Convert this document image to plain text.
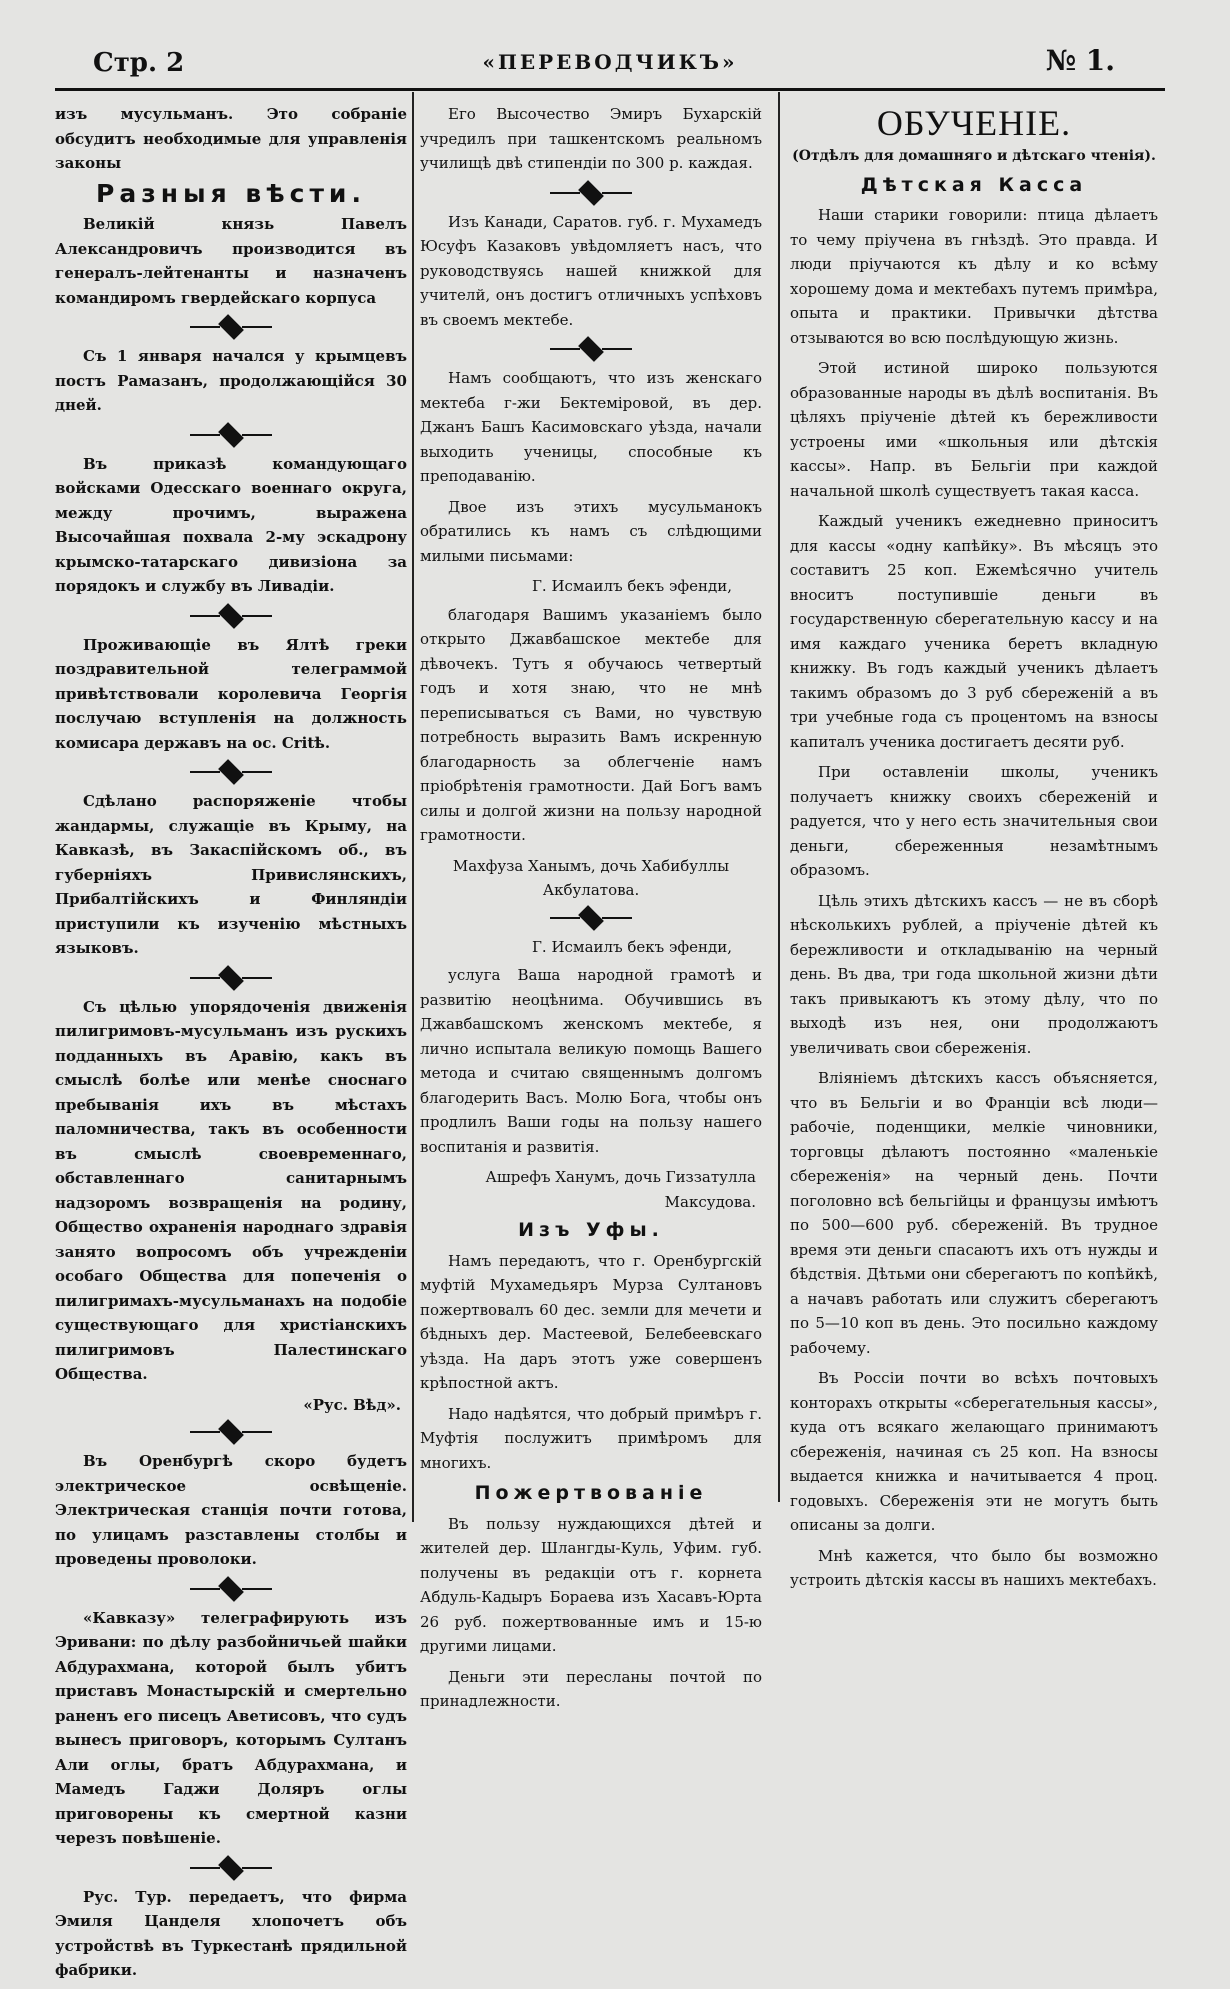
Стр. 2	«ПЕРЕВОДЧИКЪ»	№ 1.

изъ мусульманъ. Это собраніе обсудитъ необходимые для управленія законы

Разныя вѣсти.

Великій князь Павелъ Александровичъ производится въ генералъ-лейтенанты и назначенъ командиромъ гвердейскаго корпуса

Съ 1 января начался у крымцевъ постъ Рамазанъ, продолжающійся 30 дней.

Въ приказѣ командующаго войсками Одесскаго военнаго округа, между прочимъ, выражена Высочайшая похвала 2-му эскадрону крымско-татарскаго дивизіона за порядокъ и службу въ Ливадіи.

Проживающіе въ Ялтѣ греки поздравительной телеграммой привѣтствовали королевича Георгія послучаю вступленія на должность комисара державъ на ос. Critѣ.

Сдѣлано распоряженіе чтобы жандармы, служащіе въ Крыму, на Кавказѣ, въ Закаспійскомъ об., въ губерніяхъ Привислянскихъ, Прибалтійскихъ и Финляндіи приступили къ изученію мѣстныхъ языковъ.

Съ цѣлью упорядоченія движенія пилигримовъ-мусульманъ изъ рускихъ подданныхъ въ Аравію, какъ въ смыслѣ болѣе или менѣе сноснаго пребыванія ихъ въ мѣстахъ паломничества, такъ въ особенности въ смыслѣ своевременнаго, обставленнаго санитарнымъ надзоромъ возвращенія на родину, Общество охраненія народнаго здравія занято вопросомъ объ учрежденіи особаго Общества для попеченія о пилигримахъ-мусульманахъ на подобіе существующаго для христіанскихъ пилигримовъ Палестинскаго Общества.

«Рус. Вѣд».

Въ Оренбургѣ скоро будетъ электрическое освѣщеніе. Электрическая станція почти готова, по улицамъ разставлены столбы и проведены проволоки.

«Кавказу» телеграфирують изъ Эривани: по дѣлу разбойничьей шайки Абдурахмана, которой былъ убитъ приставъ Монастырскій и смертельно раненъ его писецъ Аветисовъ, что судъ вынесъ приговоръ, которымъ Султанъ Али оглы, братъ Абдурахмана, и Мамедъ Гаджи Доляръ оглы приговорены къ смертной казни черезъ повѣшеніе.

Рус. Тур. передаетъ, что фирма Эмиля Цанделя хлопочетъ объ устройствѣ въ Туркестанѣ прядильной фабрики.

Его Высочество Эмиръ Бухарскій учредилъ при ташкентскомъ реальномъ училищѣ двѣ стипендіи по 300 р. каждая.

Изъ Канади, Саратов. губ. г. Мухамедъ Юсуфъ Казаковъ увѣдомляетъ насъ, что руководствуясь нашей книжкой для учителй, онъ достигъ отличныхъ успѣховъ въ своемъ мектебе.

Намъ сообщаютъ, что изъ женскаго мектеба г-жи Бектеміровой, въ дер. Джанъ Башъ Касимовскаго уѣзда, начали выходить ученицы, способные къ преподаванію.

Двое изъ этихъ мусульманокъ обратились къ намъ съ слѣдющими милыми письмами:

Г. Исмаилъ бекъ эфенди,

благодаря Вашимъ указаніемъ было открыто Джавбашское мектебе для дѣвочекъ. Тутъ я обучаюсь четвертый годъ и хотя знаю, что не мнѣ переписываться съ Вами, но чувствую потребность выразить Вамъ искренную благодарность за облегченіе намъ пріобрѣтенія грамотности. Дай Богъ вамъ силы и долгой жизни на пользу народной грамотности.

Махфуза Ханымъ, дочь Хабибуллы Акбулатова.
Г. Исмаилъ бекъ эфенди,

услуга Ваша народной грамотѣ и развитію неоцѣнима. Обучившись въ Джавбашскомъ женскомъ мектебе, я лично испытала великую помощь Вашего метода и считаю священнымъ долгомъ благодерить Васъ. Молю Бога, чтобы онъ продлилъ Ваши годы на пользу нашего воспитанія и развитія.

Ашрефъ Ханумъ, дочь Гиззатулла Максудова.
Изъ Уфы.

Намъ передаютъ, что г. Оренбургскій муфтій Мухамедьяръ Мурза Султановъ пожертвовалъ 60 дес. земли для мечети и бѣдныхъ дер. Мастеевой, Белебеевскаго уѣзда. На даръ этотъ уже совершенъ крѣпостной актъ.

Надо надѣятся, что добрый примѣръ г. Муфтія послужитъ примѣромъ для многихъ.

Пожертвованіе

Въ пользу нуждающихся дѣтей и жителей дер. Шлангды-Куль, Уфим. губ. получены въ редакціи отъ г. корнета Абдуль-Кадыръ Бораева изъ Хасавъ-Юрта 26 руб. пожертвованные имъ и 15-ю другими лицами.

Деньги эти пересланы почтой по принадлежности.

ОБУЧЕНІЕ.
(Отдѣлъ для домашняго и дѣтскаго чтенія).
Дѣтская Касса

Наши старики говорили: птица дѣлаетъ то чему пріучена въ гнѣздѣ. Это правда. И люди пріучаются къ дѣлу и ко всѣму хорошему дома и мектебахъ путемъ примѣра, опыта и практики. Привычки дѣтства отзываются во всю послѣдующую жизнь.

Этой истиной широко пользуются образованные народы въ дѣлѣ воспитанія. Въ цѣляхъ пріученіе дѣтей къ бережливости устроены ими «школьныя или дѣтскія кассы». Напр. въ Бельгіи при каждой начальной школѣ существуетъ такая касса.

Каждый ученикъ ежедневно приноситъ для кассы «одну капѣйку». Въ мѣсяцъ это составитъ 25 коп. Ежемѣсячно учитель вноситъ поступившіе деньги въ государственную сберегательную кассу и на имя каждаго ученика беретъ вкладную книжку. Въ годъ каждый ученикъ дѣлаетъ такимъ образомъ до 3 руб сбереженій а въ три учебные года съ процентомъ на взносы капиталъ ученика достигаетъ десяти руб.

При оставленіи школы, ученикъ получаетъ книжку своихъ сбереженій и радуется, что у него есть значительныя свои деньги, сбереженныя незамѣтнымъ образомъ.

Цѣль этихъ дѣтскихъ кассъ — не въ сборѣ нѣсколькихъ рублей, а пріученіе дѣтей къ бережливости и откладыванію на черный день. Въ два, три года школьной жизни дѣти такъ привыкаютъ къ этому дѣлу, что по выходѣ изъ нея, они продолжаютъ увеличивать свои сбереженія.

Вліяніемъ дѣтскихъ кассъ объясняется, что въ Бельгіи и во Франціи всѣ люди—рабочіе, поденщики, мелкіе чиновники, торговцы дѣлаютъ постоянно «маленькіе сбереженія» на черный день. Почти поголовно всѣ бельгійцы и французы имѣютъ по 500—600 руб. сбереженій. Въ трудное время эти деньги спасаютъ ихъ отъ нужды и бѣдствія. Дѣтьми они сберегаютъ по копѣйкѣ, а начавъ работать или служитъ сберегаютъ по 5—10 коп въ день. Это посильно каждому рабочему.

Въ Россіи почти во всѣхъ почтовыхъ конторахъ открыты «сберегательныя кассы», куда отъ всякаго желающаго принимаютъ сбереженія, начиная съ 25 коп. На взносы выдается книжка и начитывается 4 проц. годовыхъ. Сбереженія эти не могутъ быть описаны за долги.

Мнѣ кажется, что было бы возможно устроить дѣтскія кассы въ нашихъ мектебахъ.
